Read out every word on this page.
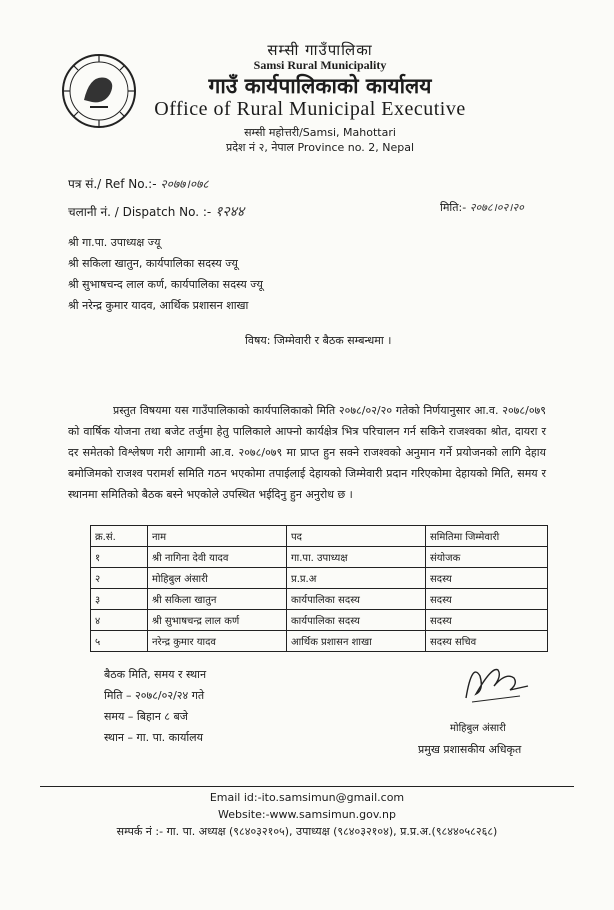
सम्सी गाउँपालिका
Samsi Rural Municipality
गाउँ कार्यपालिकाको कार्यालय
Office of Rural Municipal Executive
सम्सी महोत्तरी/Samsi, Mahottari
प्रदेश नं २, नेपाल Province no. 2, Nepal
पत्र सं./ Ref No.:- २०७७।०७८
चलानी नं. / Dispatch No. :- १२४४	मिति:- २०७८।०२।२०
श्री गा.पा. उपाध्यक्ष ज्यू
श्री सकिला खातुन, कार्यपालिका सदस्य ज्यू
श्री सुभाषचन्द लाल कर्ण, कार्यपालिका सदस्य ज्यू
श्री नरेन्द्र कुमार यादव, आर्थिक प्रशासन शाखा
विषय: जिम्मेवारी र बैठक सम्बन्धमा ।

प्रस्तुत विषयमा यस गाउँपालिकाको कार्यपालिकाको मिति २०७८/०२/२० गतेको निर्णयानुसार आ.व. २०७८/०७९ को वार्षिक योजना तथा बजेट तर्जुमा हेतु पालिकाले आफ्नो कार्यक्षेत्र भित्र परिचालन गर्न सकिने राजश्वका श्रोत, दायरा र दर समेतको विश्लेषण गरी आगामी आ.व. २०७८/०७९ मा प्राप्त हुन सक्ने राजश्वको अनुमान गर्ने प्रयोजनको लागि देहाय बमोजिमको राजश्व परामर्श समिति गठन भएकोमा तपाईलाई देहायको जिम्मेवारी प्रदान गरिएकोमा देहायको मिति, समय र स्थानमा समितिको बैठक बस्ने भएकोले उपस्थित भईदिनु हुन अनुरोध छ ।

क्र.सं.	नाम	पद	समितिमा जिम्मेवारी
१	श्री नागिना देवी यादव	गा.पा. उपाध्यक्ष	संयोजक
२	मोहिबुल अंसारी	प्र.प्र.अ	सदस्य
३	श्री सकिला खातुन	कार्यपालिका सदस्य	सदस्य
४	श्री सुभाषचन्द्र लाल कर्ण	कार्यपालिका सदस्य	सदस्य
५	नरेन्द्र कुमार यादव	आर्थिक प्रशासन शाखा	सदस्य सचिव
बैठक मिति, समय र स्थान
मिति – २०७८/०२/२४ गते
समय – बिहान ८ बजे
स्थान – गा. पा. कार्यालय
मोहिबुल अंसारी
प्रमुख प्रशासकीय अधिकृत
Email id:-ito.samsimun@gmail.com
Website:-www.samsimun.gov.np
सम्पर्क नं :- गा. पा. अध्यक्ष (९८४०३२१०५), उपाध्यक्ष (९८४०३२१०४), प्र.प्र.अ.(९८४४०५८२६८)
